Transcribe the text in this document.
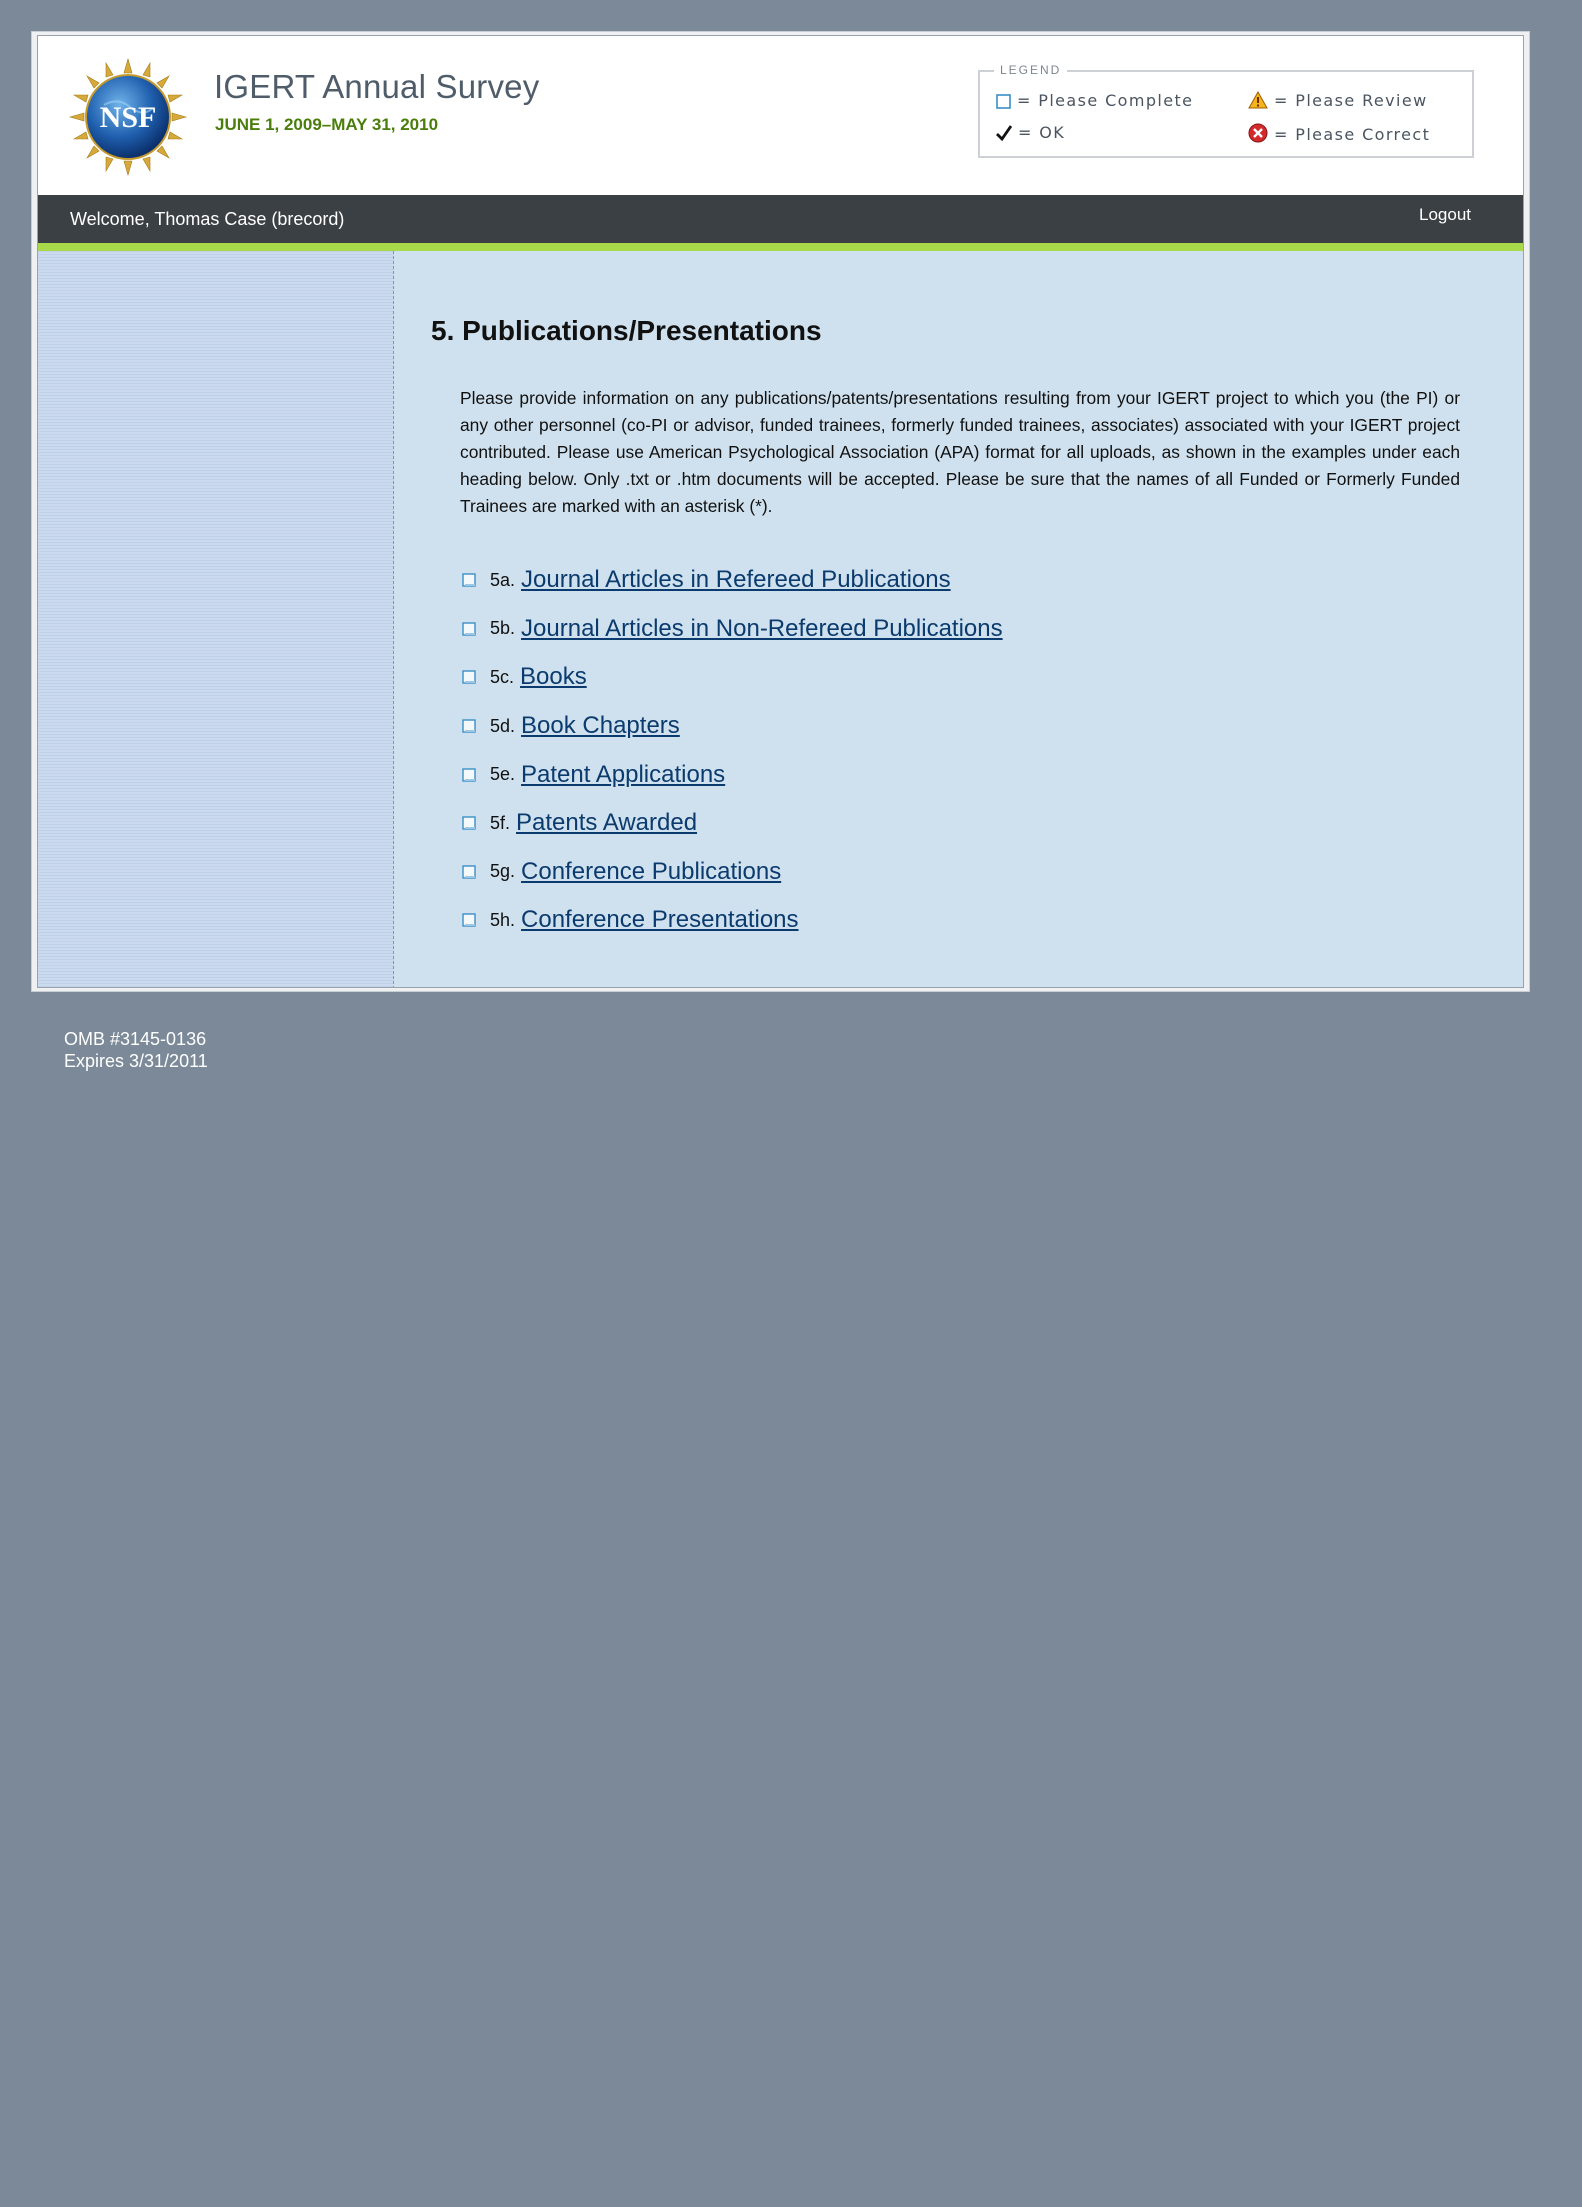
NSF
IGERT Annual Survey
JUNE 1, 2009–MAY 31, 2010
LEGEND
= Please Complete	= Please Review
= OK	= Please Correct
Welcome, Thomas Case (brecord)	Logout
5. Publications/Presentations

Please provide information on any publications/patents/presentations resulting from your IGERT project to which you (the PI) or any other personnel (co-PI or advisor, funded trainees, formerly funded trainees, associates) associated with your IGERT project contributed. Please use American Psychological Association (APA) format for all uploads, as shown in the examples under each heading below. Only .txt or .htm documents will be accepted. Please be sure that the names of all Funded or Formerly Funded Trainees are marked with an asterisk (*).

5a. Journal Articles in Refereed Publications
5b. Journal Articles in Non-Refereed Publications
5c. Books
5d. Book Chapters
5e. Patent Applications
5f. Patents Awarded
5g. Conference Publications
5h. Conference Presentations
OMB #3145-0136
Expires 3/31/2011
